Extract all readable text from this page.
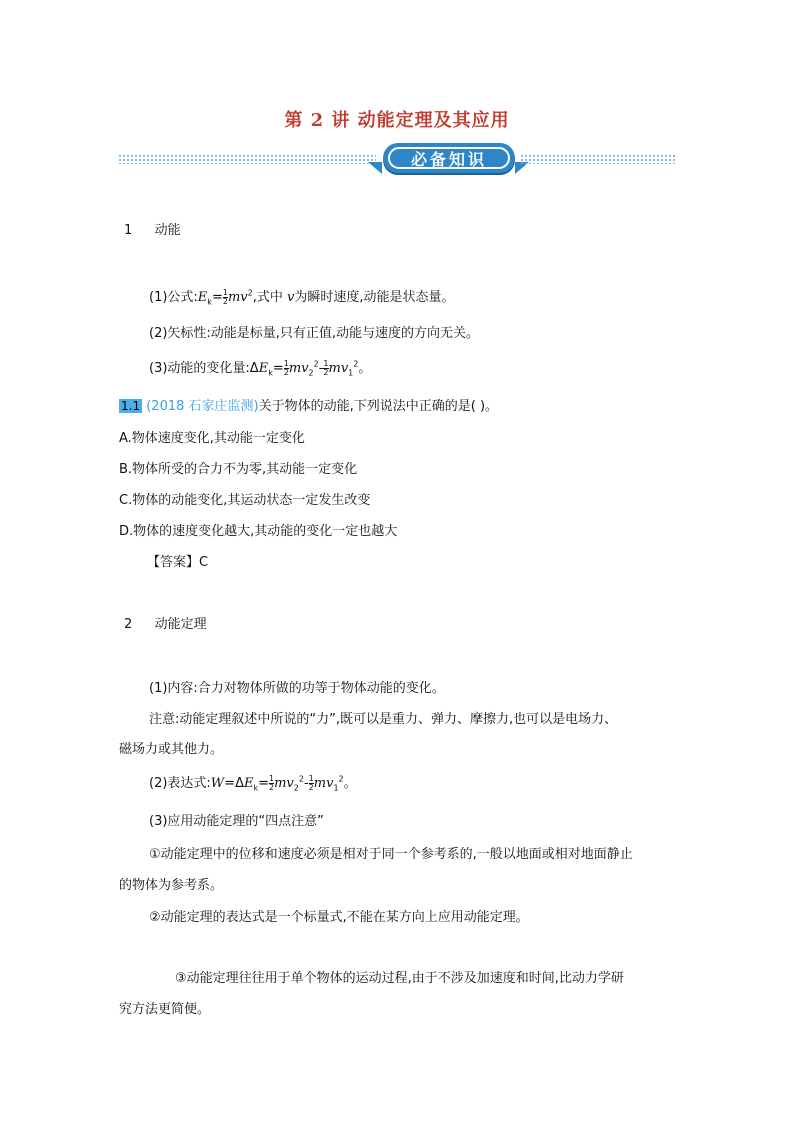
第 2 讲 动能定理及其应用
必备知识
1 动能
(1)公式$:E_k= \frac{1}{2} mv^2$,式中 v为瞬时速度,动能是状态量。
(2)矢标性:动能是标量,只有正值,动能与速度的方向无关。
(3)动能的变化量$:\Delta E_k= \frac{1}{2} mv_2^2- \frac{1}{2} mv_1^2$。
1.1 (2018 石家庄监测)关于物体的动能,下列说法中正确的是( )。
A.物体速度变化,其动能一定变化
B.物体所受的合力不为零,其动能一定变化
C.物体的动能变化,其运动状态一定发生改变
D.物体的速度变化越大,其动能的变化一定也越大
【答案】C
2 动能定理
(1)内容:合力对物体所做的功等于物体动能的变化。
注意:动能定理叙述中所说的“力”,既可以是重力、弹力、摩擦力,也可以是电场力、
磁场力或其他力。
(2)表达式$:W=\Delta E_k= \frac{1}{2} mv_2^2- \frac{1}{2} mv_1^2$。
(3)应用动能定理的“四点注意”
①动能定理中的位移和速度必须是相对于同一个参考系的,一般以地面或相对地面静止
的物体为参考系。
②动能定理的表达式是一个标量式,不能在某方向上应用动能定理。
③动能定理往往用于单个物体的运动过程,由于不涉及加速度和时间,比动力学研
究方法更简便。
